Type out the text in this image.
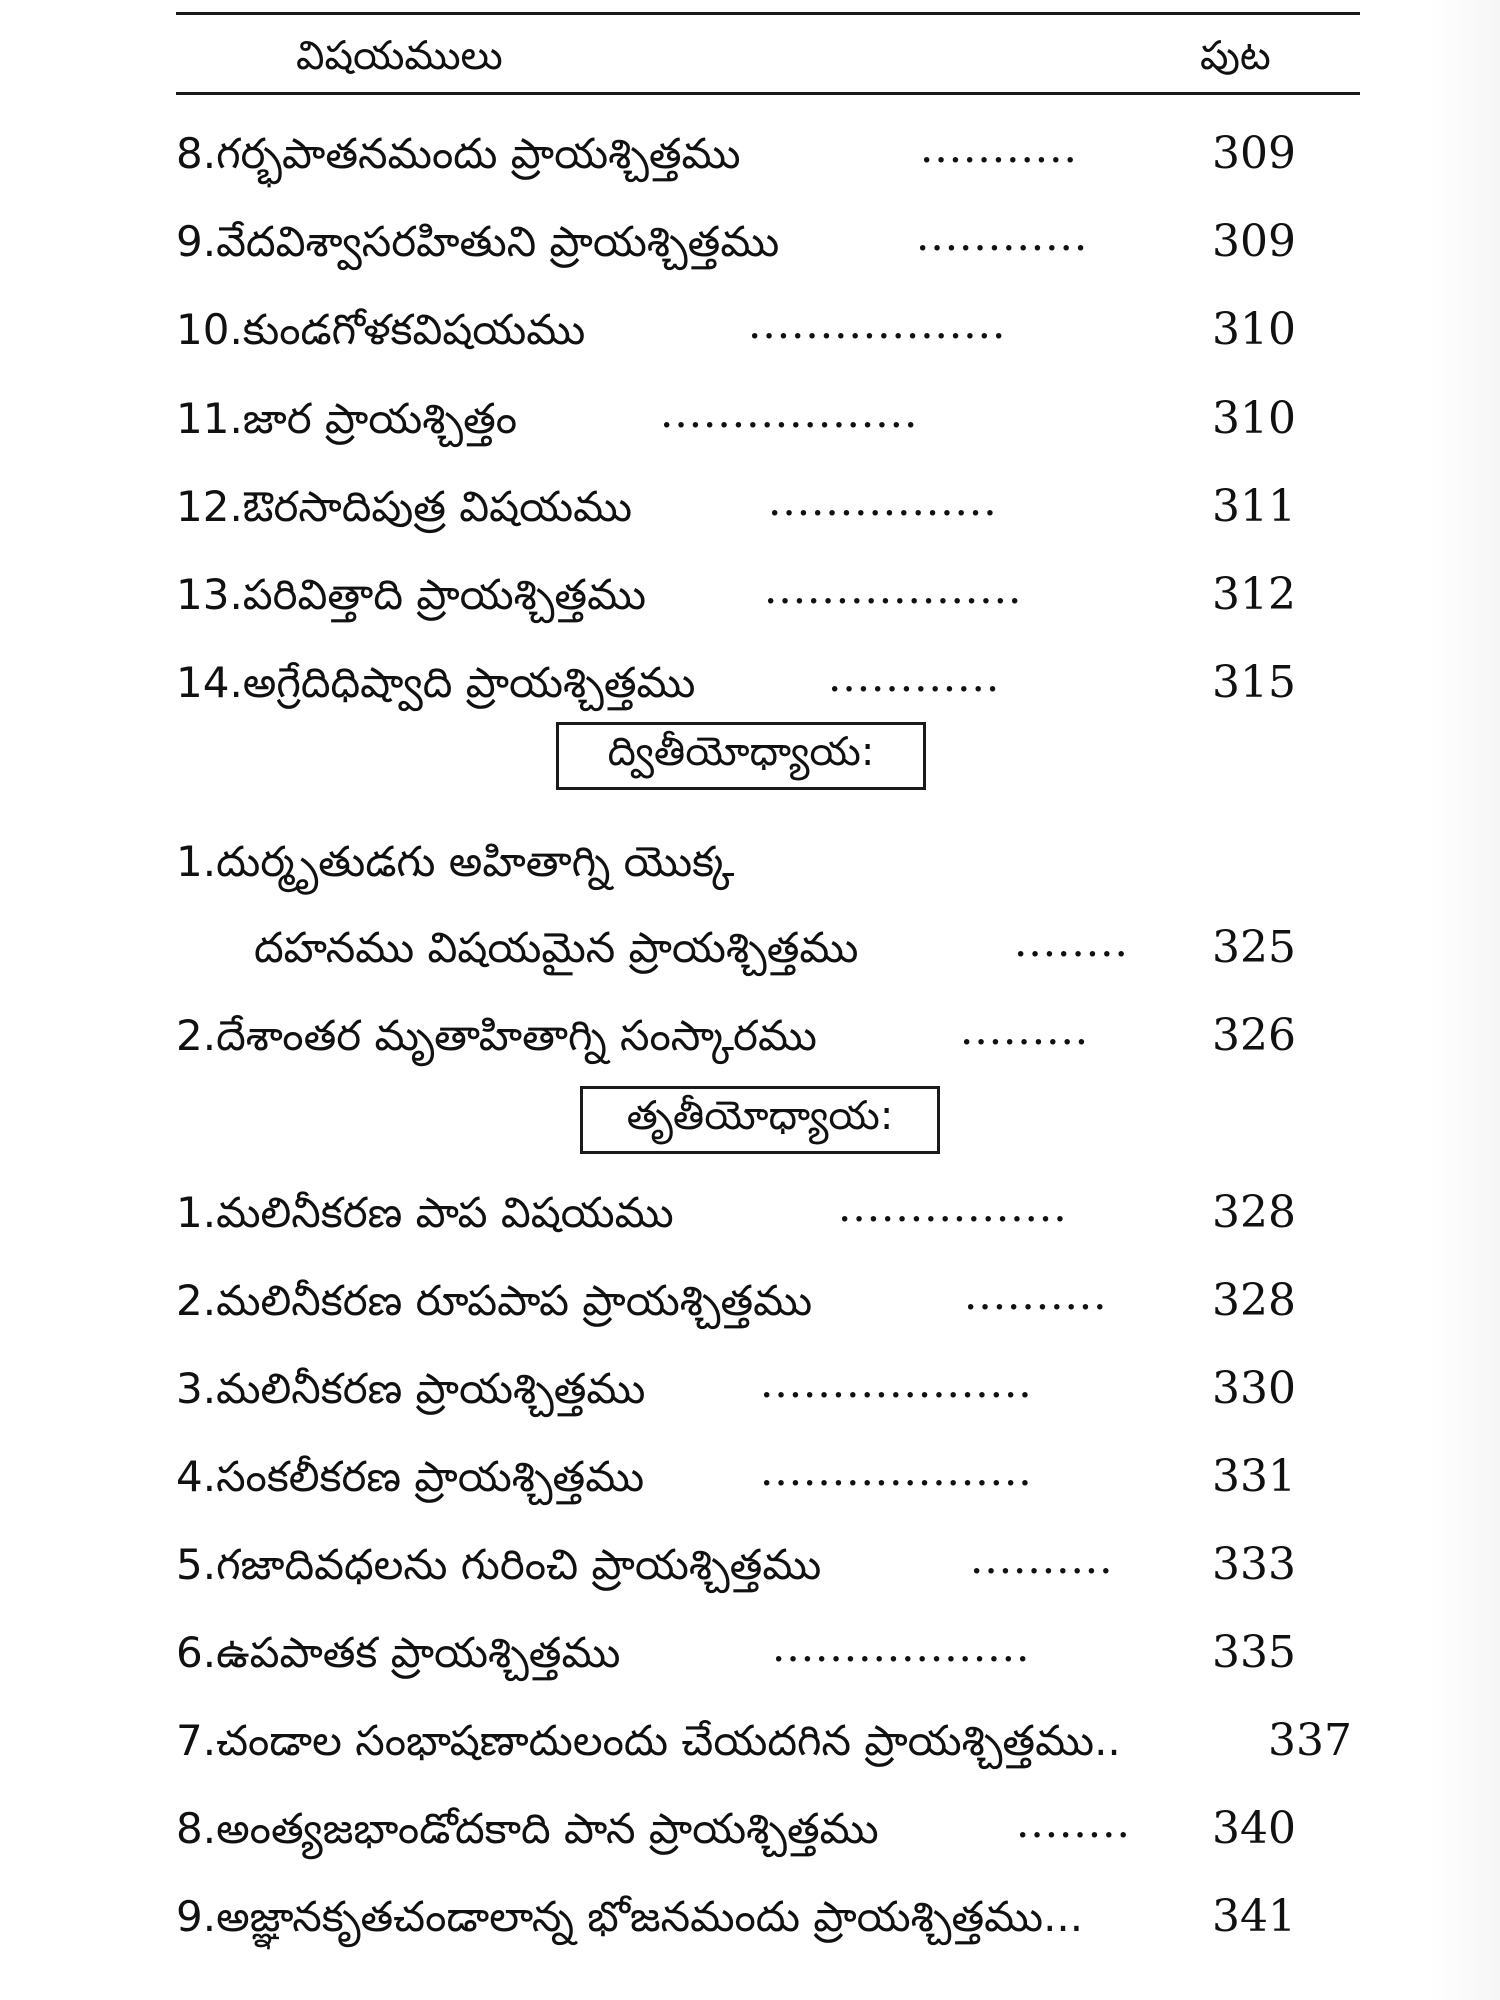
విషయములు	పుట
8.గర్భపాతనమందు ప్రాయశ్చిత్తము	...........	309
9.వేదవిశ్వాసరహితుని ప్రాయశ్చిత్తము	............	309
10.కుండగోళకవిషయము	..................	310
11.జార ప్రాయశ్చిత్తం	..................	310
12.ఔరసాదిపుత్ర విషయము	................	311
13.పరివిత్తాది ప్రాయశ్చిత్తము	..................	312
14.అగ్రేదిధిష్వాది ప్రాయశ్చిత్తము	............	315
ద్వితీయోధ్యాయ:
1.దుర్మృతుడగు అహితాగ్ని యొక్క
దహనము విషయమైన ప్రాయశ్చిత్తము	........ 325
2.దేశాంతర మృతాహితాగ్ని సంస్కారము	.........	326
తృతీయోధ్యాయ:
1.మలినీకరణ పాప విషయము	................	328
2.మలినీకరణ రూపపాప ప్రాయశ్చిత్తము	.......... 328
3.మలినీకరణ ప్రాయశ్చిత్తము	...................	330
4.సంకలీకరణ ప్రాయశ్చిత్తము	...................	331
5.గజాదివధలను గురించి ప్రాయశ్చిత్తము	.......... 333
6.ఉపపాతక ప్రాయశ్చిత్తము	..................	335
7.చండాల సంభాషణాదులందు చేయదగిన ప్రాయశ్చిత్తము..	337
8.అంత్యజభాండోదకాది పాన ప్రాయశ్చిత్తము	........ 340
9.అజ్ఞానకృతచండాలాన్న భోజనమందు ప్రాయశ్చిత్తము...	341
